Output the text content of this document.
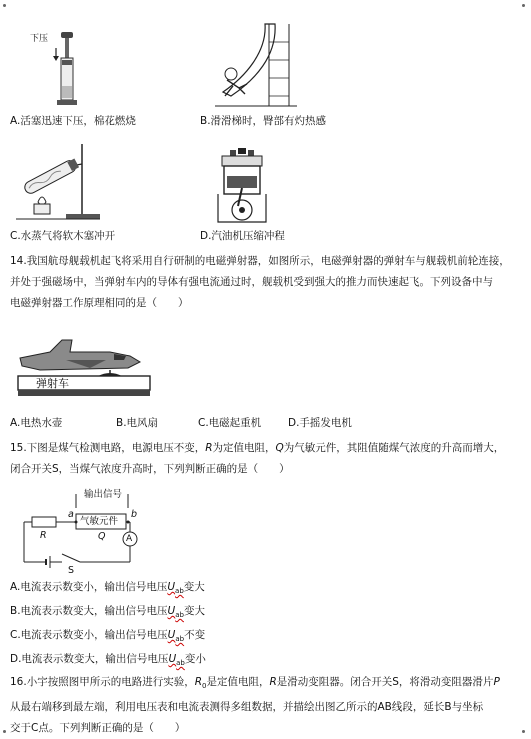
下压
A.活塞迅速下压，棉花燃烧	B.滑滑梯时，臀部有灼热感
C.水蒸气将软木塞冲开	D.汽油机压缩冲程
14.我国航母舰载机起飞将采用自行研制的电磁弹射器，如图所示，电磁弹射器的弹射车与舰载机前轮连接，
并处于强磁场中，当弹射车内的导体有强电流通过时，舰载机受到强大的推力而快速起飞。下列设备中与
电磁弹射器工作原理相同的是（　　）
弹射车
A.电热水壶	B.电风扇	C.电磁起重机	D.手摇发电机
15.下图是煤气检测电路，电源电压不变，R为定值电阻，Q为气敏元件，其阻值随煤气浓度的升高而增大，
闭合开关S，当煤气浓度升高时，下列判断正确的是（　　）
输出信号
气敏元件
a	b
R	Q A
S
A.电流表示数变小，输出信号电压$U_{ab}$变大
B.电流表示数变大，输出信号电压$U_{ab}$变大
C.电流表示数变小，输出信号电压$U_{ab}$不变
D.电流表示数变大，输出信号电压$U_{ab}$变小
16.小宇按照图甲所示的电路进行实验，$R_0$是定值电阻，R是滑动变阻器。闭合开关S，将滑动变阻器滑片P
从最右端移到最左端，利用电压表和电流表测得多组数据，并描绘出图乙所示的AB线段，延长B与坐标
交于C点。下列判断正确的是（　　）
